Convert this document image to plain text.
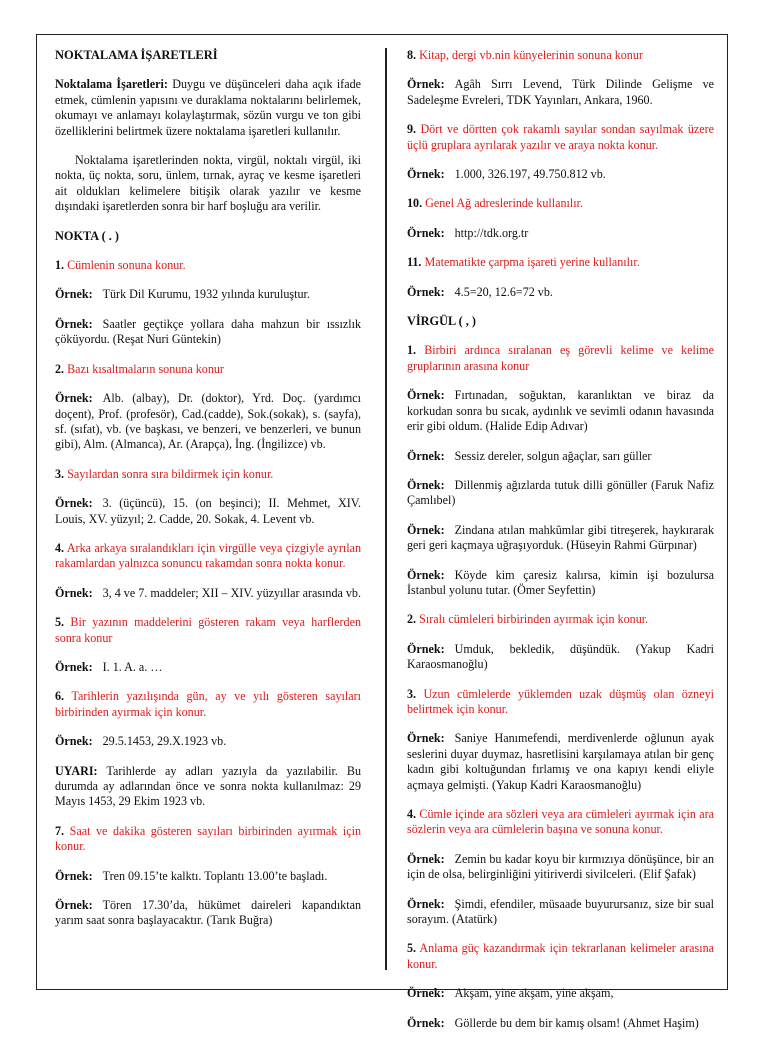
NOKTALAMA İŞARETLERİ
Noktalama İşaretleri: Duygu ve düşünceleri daha açık ifade etmek, cümlenin yapısını ve duraklama noktalarını belirlemek, okumayı ve anlamayı kolaylaştırmak, sözün vurgu ve ton gibi özelliklerini belirtmek üzere noktalama işaretleri kullanılır.
Noktalama işaretlerinden nokta, virgül, noktalı virgül, iki nokta, üç nokta, soru, ünlem, tırnak, ayraç ve kesme işaretleri ait oldukları kelimelere bitişik olarak yazılır ve kesme dışındaki işaretlerden sonra bir harf boşluğu ara verilir.
NOKTA ( . )
1. Cümlenin sonuna konur.
Örnek: Türk Dil Kurumu, 1932 yılında kuruluştur.
Örnek: Saatler geçtikçe yollara daha mahzun bir ıssızlık çöküyordu. (Reşat Nuri Güntekin)
2. Bazı kısaltmaların sonuna konur
Örnek: Alb. (albay), Dr. (doktor), Yrd. Doç. (yardımcı doçent), Prof. (profesör), Cad.(cadde), Sok.(sokak), s. (sayfa), sf. (sıfat), vb. (ve başkası, ve benzeri, ve benzerleri, ve bunun gibi), Alm. (Almanca), Ar. (Arapça), İng. (İngilizce) vb.
3. Sayılardan sonra sıra bildirmek için konur.
Örnek: 3. (üçüncü), 15. (on beşinci); II. Mehmet, XIV. Louis, XV. yüzyıl; 2. Cadde, 20. Sokak, 4. Levent vb.
4. Arka arkaya sıralandıkları için virgülle veya çizgiyle ayrılan rakamlardan yalnızca sonuncu rakamdan sonra nokta konur.
Örnek: 3, 4 ve 7. maddeler; XII – XIV. yüzyıllar arasında vb.
5. Bir yazının maddelerini gösteren rakam veya harflerden sonra konur
Örnek: I. 1. A. a. …
6. Tarihlerin yazılışında gün, ay ve yılı gösteren sayıları birbirinden ayırmak için konur.
Örnek: 29.5.1453, 29.X.1923 vb.
UYARI: Tarihlerde ay adları yazıyla da yazılabilir. Bu durumda ay adlarından önce ve sonra nokta kullanılmaz: 29 Mayıs 1453, 29 Ekim 1923 vb.
7. Saat ve dakika gösteren sayıları birbirinden ayırmak için konur.
Örnek: Tren 09.15’te kalktı. Toplantı 13.00’te başladı.
Örnek: Tören 17.30’da, hükümet daireleri kapandıktan yarım saat sonra başlayacaktır. (Tarık Buğra)
8. Kitap, dergi vb.nin künyelerinin sonuna konur
Örnek: Agâh Sırrı Levend, Türk Dilinde Gelişme ve Sadeleşme Evreleri, TDK Yayınları, Ankara, 1960.
9. Dört ve dörtten çok rakamlı sayılar sondan sayılmak üzere üçlü gruplara ayrılarak yazılır ve araya nokta konur.
Örnek: 1.000, 326.197, 49.750.812 vb.
10. Genel Ağ adreslerinde kullanılır.
Örnek: http://tdk.org.tr
11. Matematikte çarpma işareti yerine kullanılır.
Örnek: 4.5=20, 12.6=72 vb.
VİRGÜL ( , )
1. Birbiri ardınca sıralanan eş görevli kelime ve kelime gruplarının arasına konur
Örnek: Fırtınadan, soğuktan, karanlıktan ve biraz da korkudan sonra bu sıcak, aydınlık ve sevimli odanın havasında erir gibi oldum. (Halide Edip Adıvar)
Örnek: Sessiz dereler, solgun ağaçlar, sarı güller
Örnek: Dillenmiş ağızlarda tutuk dilli gönüller (Faruk Nafiz Çamlıbel)
Örnek: Zindana atılan mahkûmlar gibi titreşerek, haykırarak geri geri kaçmaya uğraşıyorduk. (Hüseyin Rahmi Gürpınar)
Örnek: Köyde kim çaresiz kalırsa, kimin işi bozulursa İstanbul yolunu tutar. (Ömer Seyfettin)
2. Sıralı cümleleri birbirinden ayırmak için konur.
Örnek: Umduk, bekledik, düşündük. (Yakup Kadri Karaosmanoğlu)
3. Uzun cümlelerde yüklemden uzak düşmüş olan özneyi belirtmek için konur.
Örnek: Saniye Hanımefendi, merdivenlerde oğlunun ayak seslerini duyar duymaz, hasretlisini karşılamaya atılan bir genç kadın gibi koltuğundan fırlamış ve ona kapıyı kendi eliyle açmaya gelmişti. (Yakup Kadri Karaosmanoğlu)
4. Cümle içinde ara sözleri veya ara cümleleri ayırmak için ara sözlerin veya ara cümlelerin başına ve sonuna konur.
Örnek: Zemin bu kadar koyu bir kırmızıya dönüşünce, bir an için de olsa, belirginliğini yitiriverdi sivilceleri. (Elif Şafak)
Örnek: Şimdi, efendiler, müsaade buyurursanız, size bir sual sorayım. (Atatürk)
5. Anlama güç kazandırmak için tekrarlanan kelimeler arasına konur.
Örnek: Akşam, yine akşam, yine akşam,
Örnek: Göllerde bu dem bir kamış olsam! (Ahmet Haşim)
